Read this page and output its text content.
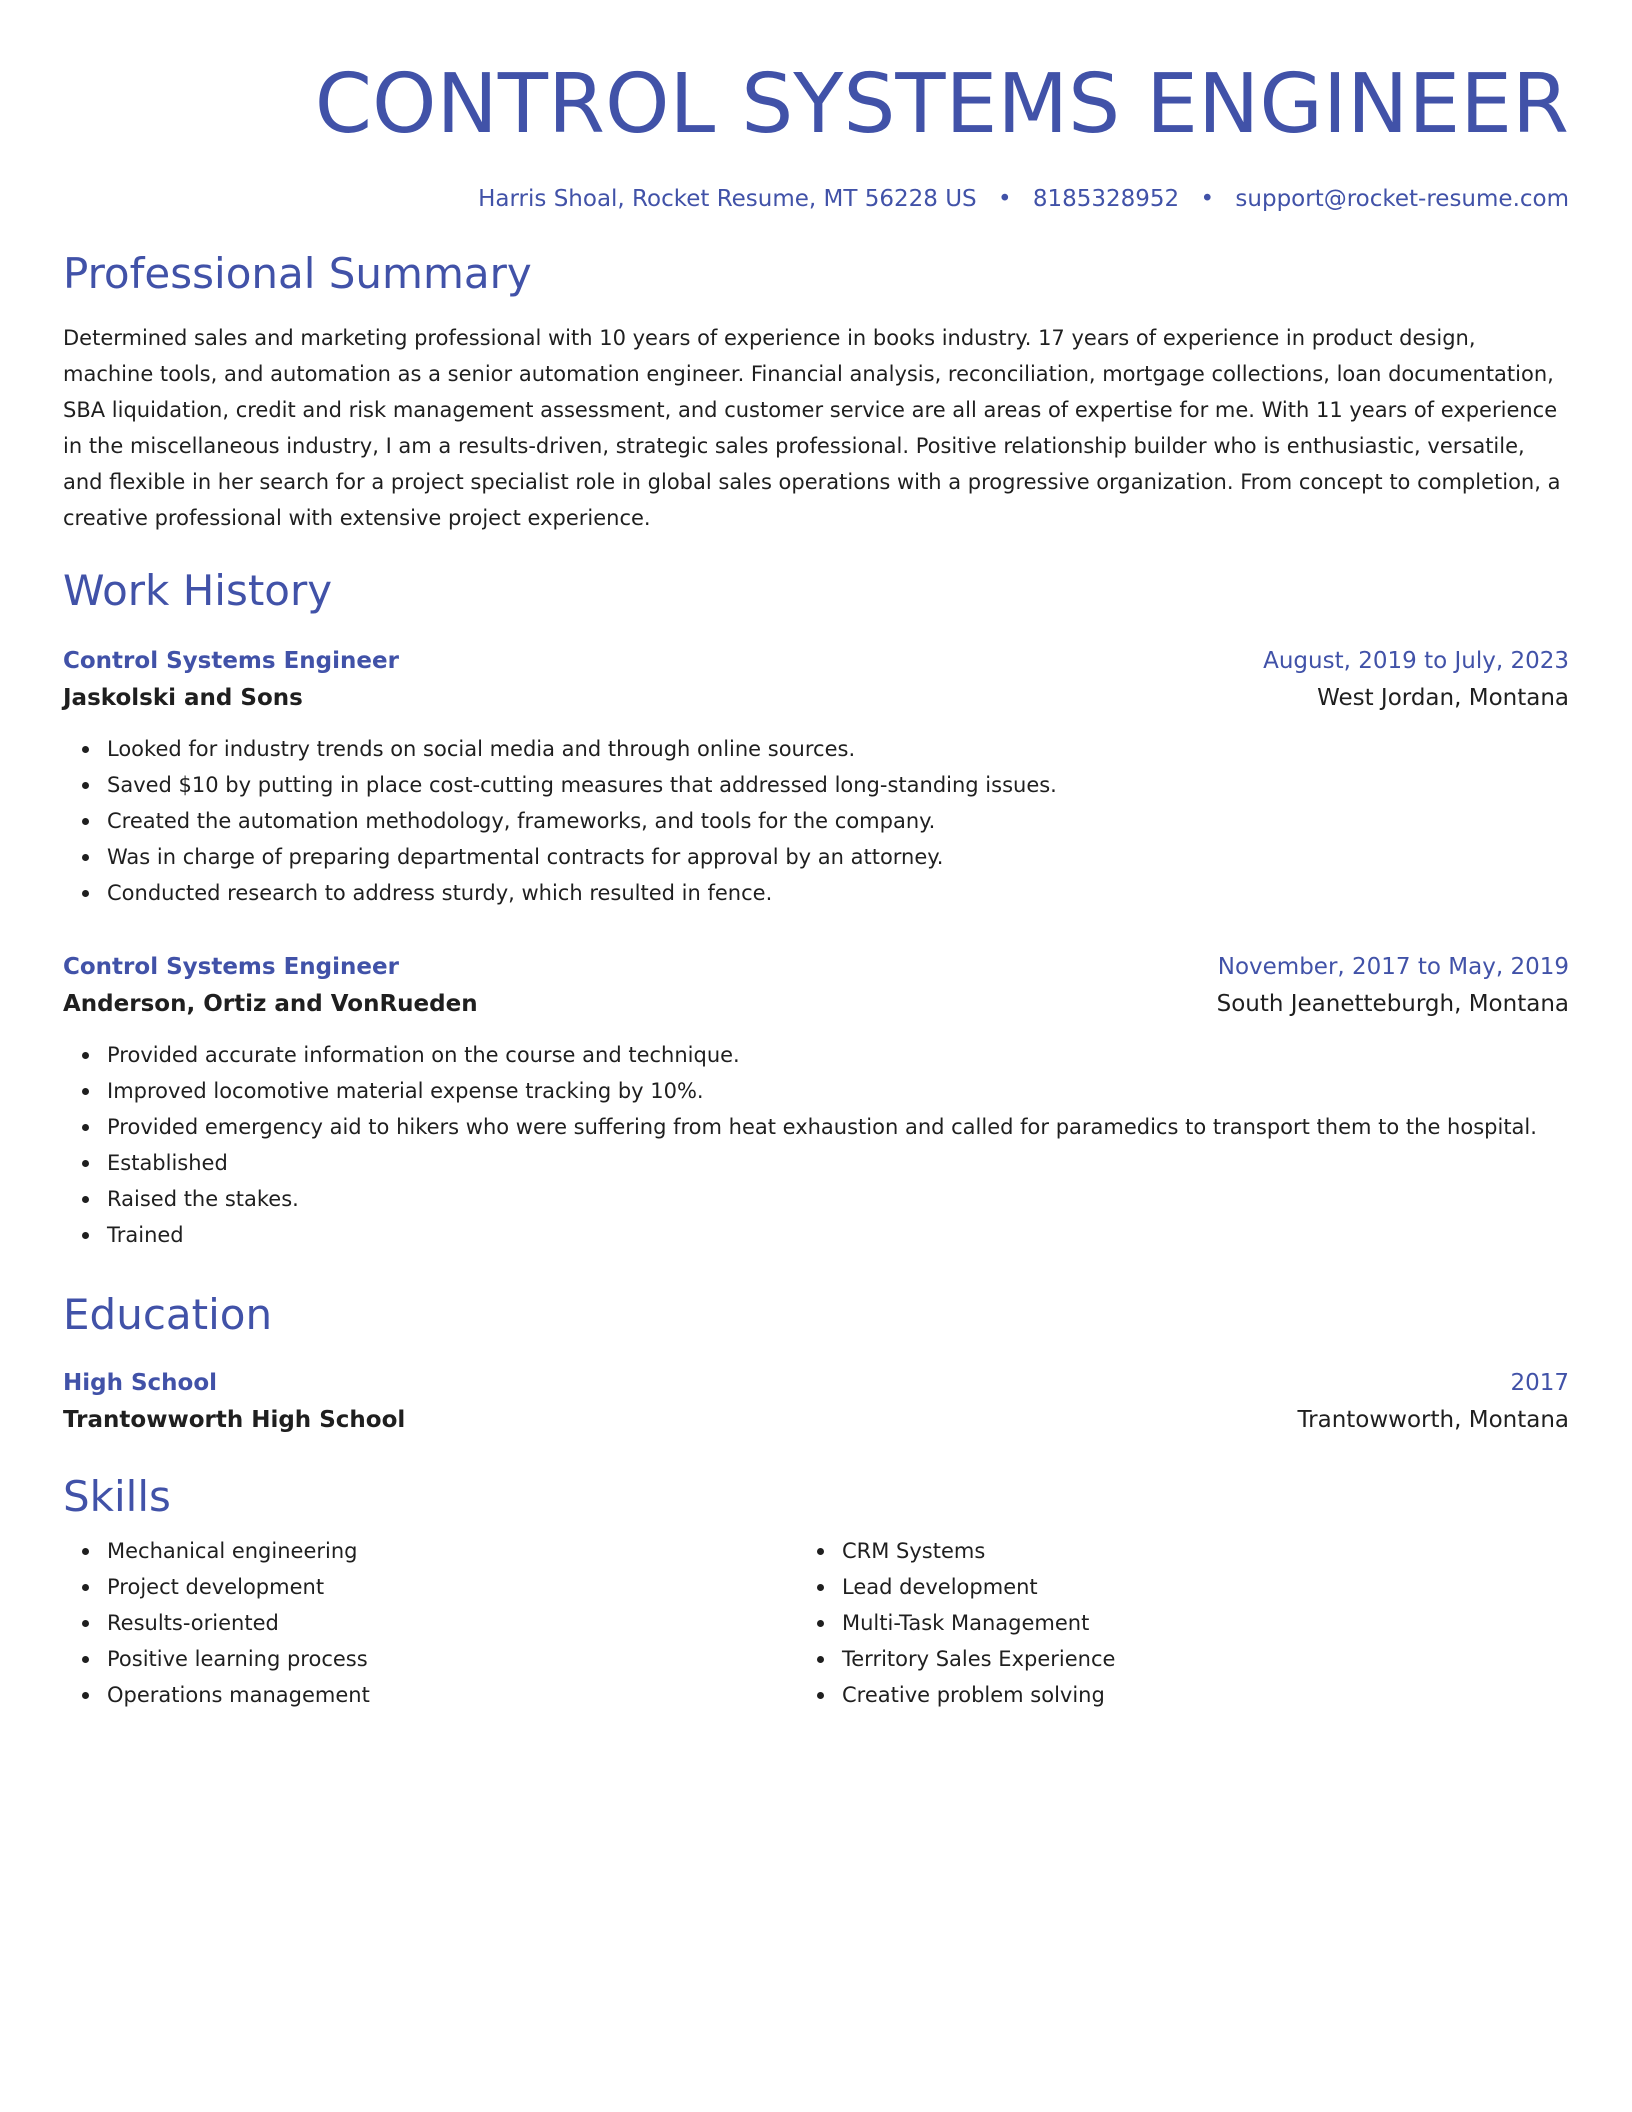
CONTROL SYSTEMS ENGINEER
Harris Shoal, Rocket Resume, MT 56228 US • 8185328952 • support@rocket-resume.com
Professional Summary

Determined sales and marketing professional with 10 years of experience in books industry. 17 years of experience in product design, machine tools, and automation as a senior automation engineer. Financial analysis, reconciliation, mortgage collections, loan documentation, SBA liquidation, credit and risk management assessment, and customer service are all areas of expertise for me. With 11 years of experience in the miscellaneous industry, I am a results-driven, strategic sales professional. Positive relationship builder who is enthusiastic, versatile, and flexible in her search for a project specialist role in global sales operations with a progressive organization. From concept to completion, a creative professional with extensive project experience.

Work History
Control Systems Engineer	August, 2019 to July, 2023
Jaskolski and Sons	West Jordan, Montana
Looked for industry trends on social media and through online sources.
Saved $10 by putting in place cost-cutting measures that addressed long-standing issues.
Created the automation methodology, frameworks, and tools for the company.
Was in charge of preparing departmental contracts for approval by an attorney.
Conducted research to address sturdy, which resulted in fence.
Control Systems Engineer	November, 2017 to May, 2019
Anderson, Ortiz and VonRueden	South Jeanetteburgh, Montana
Provided accurate information on the course and technique.
Improved locomotive material expense tracking by 10%.
Provided emergency aid to hikers who were suffering from heat exhaustion and called for paramedics to transport them to the hospital.
Established
Raised the stakes.
Trained
Education
High School	2017
Trantowworth High School	Trantowworth, Montana
Skills
Mechanical engineering
Project development
Results-oriented
Positive learning process
Operations management
CRM Systems
Lead development
Multi-Task Management
Territory Sales Experience
Creative problem solving
